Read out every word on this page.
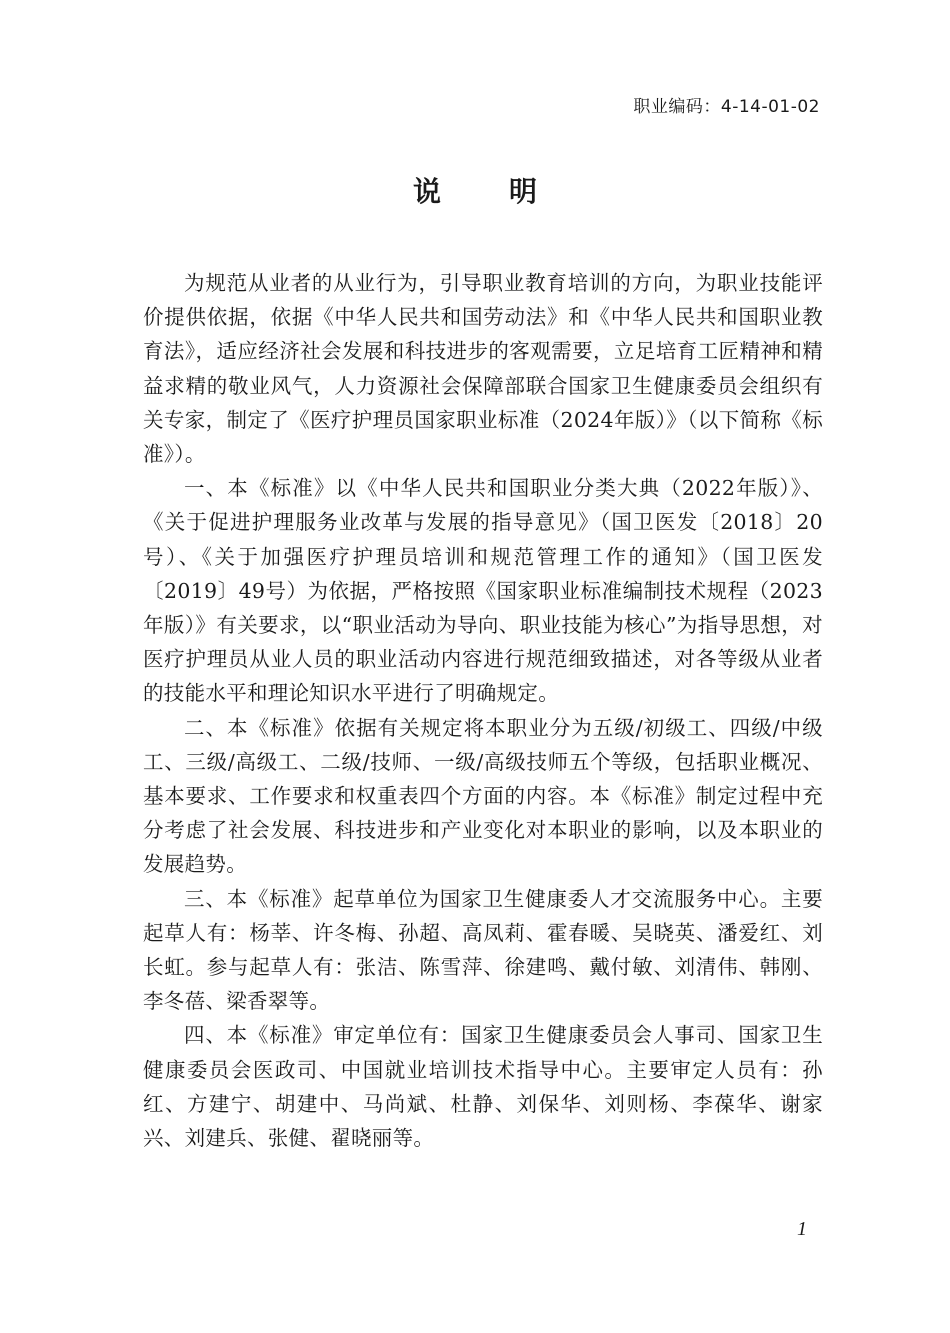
职业编码：4-14-01-02
说明

为规范从业者的从业行为，引导职业教育培训的方向，为职业技能评价提供依据，依据《中华人民共和国劳动法》和《中华人民共和国职业教育法》，适应经济社会发展和科技进步的客观需要，立足培育工匠精神和精益求精的敬业风气，人力资源社会保障部联合国家卫生健康委员会组织有关专家，制定了《医疗护理员国家职业标准（2024年版）》（以下简称《标准》）。

一、本《标准》以《中华人民共和国职业分类大典（2022年版）》、《关于促进护理服务业改革与发展的指导意见》（国卫医发〔2018〕20号）、《关于加强医疗护理员培训和规范管理工作的通知》（国卫医发〔2019〕49号）为依据，严格按照《国家职业标准编制技术规程（2023年版）》有关要求，以“职业活动为导向、职业技能为核心”为指导思想，对医疗护理员从业人员的职业活动内容进行规范细致描述，对各等级从业者的技能水平和理论知识水平进行了明确规定。

二、本《标准》依据有关规定将本职业分为五级/初级工、四级/中级工、三级/高级工、二级/技师、一级/高级技师五个等级，包括职业概况、基本要求、工作要求和权重表四个方面的内容。本《标准》制定过程中充分考虑了社会发展、科技进步和产业变化对本职业的影响，以及本职业的发展趋势。

三、本《标准》起草单位为国家卫生健康委人才交流服务中心。主要起草人有：杨莘、许冬梅、孙超、高凤莉、霍春暖、吴晓英、潘爱红、刘长虹。参与起草人有：张洁、陈雪萍、徐建鸣、戴付敏、刘清伟、韩刚、李冬蓓、梁香翠等。

四、本《标准》审定单位有：国家卫生健康委员会人事司、国家卫生健康委员会医政司、中国就业培训技术指导中心。主要审定人员有：孙红、方建宁、胡建中、马尚斌、杜静、刘保华、刘则杨、李葆华、谢家兴、刘建兵、张健、翟晓丽等。

1
